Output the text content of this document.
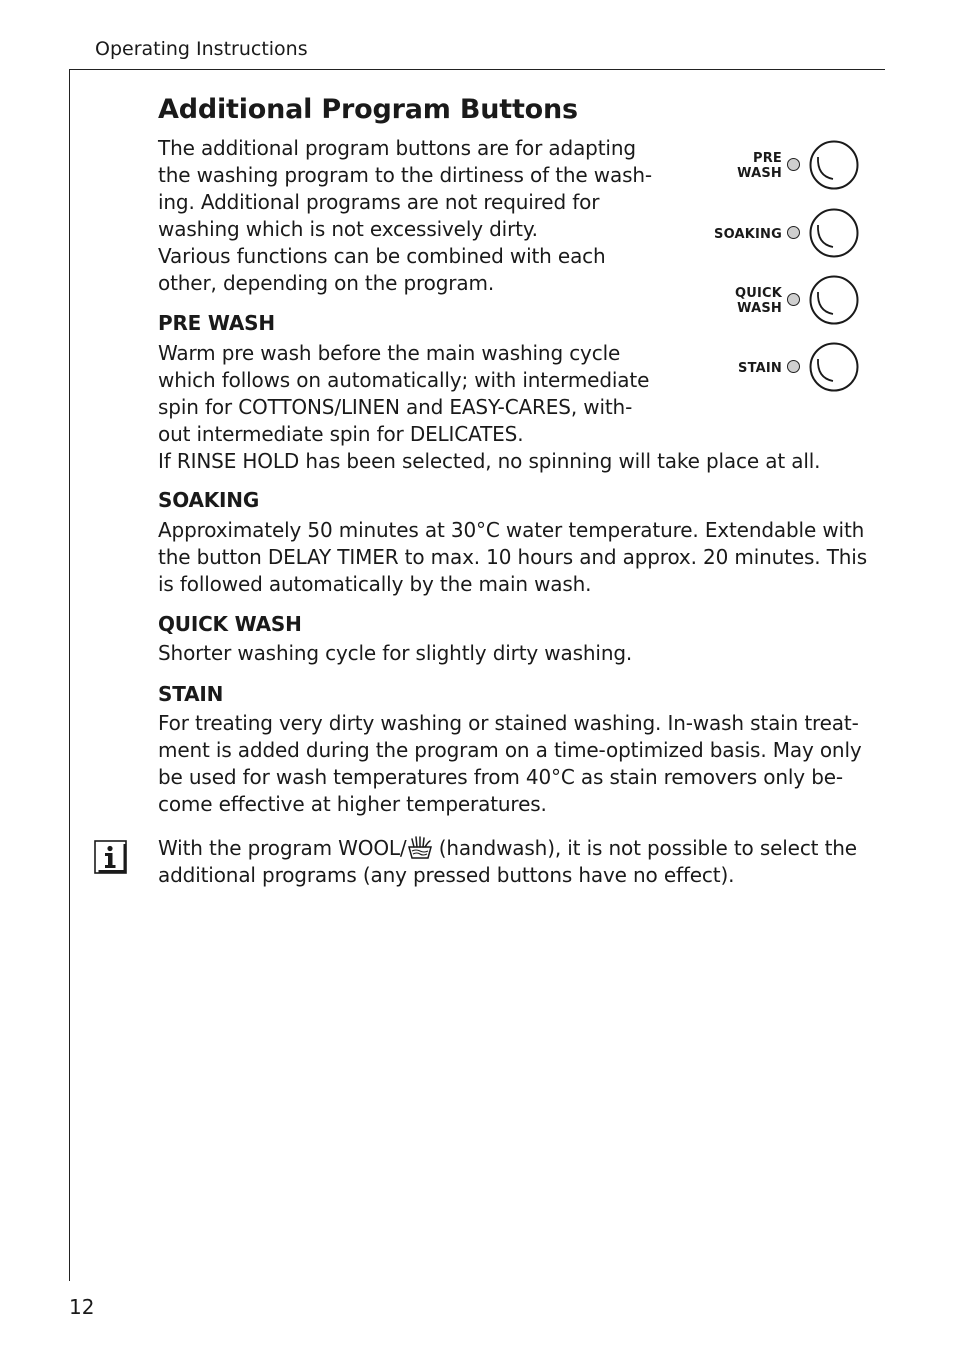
Operating Instructions
Additional Program Buttons

The additional program buttons are for adapting
the washing program to the dirtiness of the wash-
ing. Additional programs are not required for
washing which is not excessively dirty.
Various functions can be combined with each
other, depending on the program.

PRE
WASH
SOAKING
QUICK
WASH
STAIN
PRE WASH

Warm pre wash before the main washing cycle
which follows on automatically; with intermediate
spin for COTTONS/LINEN and EASY-CARES, with-
out intermediate spin for DELICATES.
If RINSE HOLD has been selected, no spinning will take place at all.

SOAKING

Approximately 50 minutes at 30°C water temperature. Extendable with
the button DELAY TIMER to max. 10 hours and approx. 20 minutes. This
is followed automatically by the main wash.

QUICK WASH

Shorter washing cycle for slightly dirty washing.

STAIN

For treating very dirty washing or stained washing. In-wash stain treat-
ment is added during the program on a time-optimized basis. May only
be used for wash temperatures from 40°C as stain removers only be-
come effective at higher temperatures.

With the program WOOL/ (handwash), it is not possible to select the
additional programs (any pressed buttons have no effect).

12
